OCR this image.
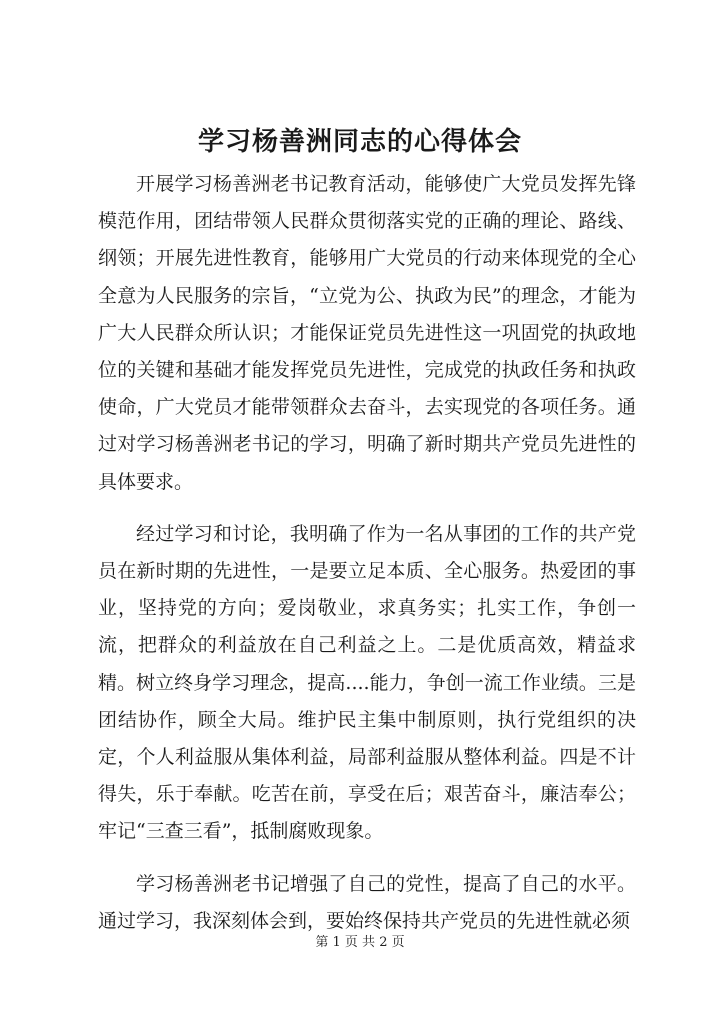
学习杨善洲同志的心得体会

开展学习杨善洲老书记教育活动，能够使广大党员发挥先锋模范作用，团结带领人民群众贯彻落实党的正确的理论、路线、纲领；开展先进性教育，能够用广大党员的行动来体现党的全心全意为人民服务的宗旨，“立党为公、执政为民”的理念，才能为广大人民群众所认识；才能保证党员先进性这一巩固党的执政地位的关键和基础才能发挥党员先进性，完成党的执政任务和执政使命，广大党员才能带领群众去奋斗，去实现党的各项任务。通过对学习杨善洲老书记的学习，明确了新时期共产党员先进性的具体要求。

经过学习和讨论，我明确了作为一名从事团的工作的共产党员在新时期的先进性，一是要立足本质、全心服务。热爱团的事业，坚持党的方向；爱岗敬业，求真务实；扎实工作，争创一流，把群众的利益放在自己利益之上。二是优质高效，精益求精。树立终身学习理念，提高....能力，争创一流工作业绩。三是团结协作，顾全大局。维护民主集中制原则，执行党组织的决定，个人利益服从集体利益，局部利益服从整体利益。四是不计得失，乐于奉献。吃苦在前，享受在后；艰苦奋斗，廉洁奉公；牢记“三查三看”，抵制腐败现象。

学习杨善洲老书记增强了自己的党性，提高了自己的水平。通过学习，我深刻体会到，要始终保持共产党员的先进性就必须

第 1 页 共 2 页
